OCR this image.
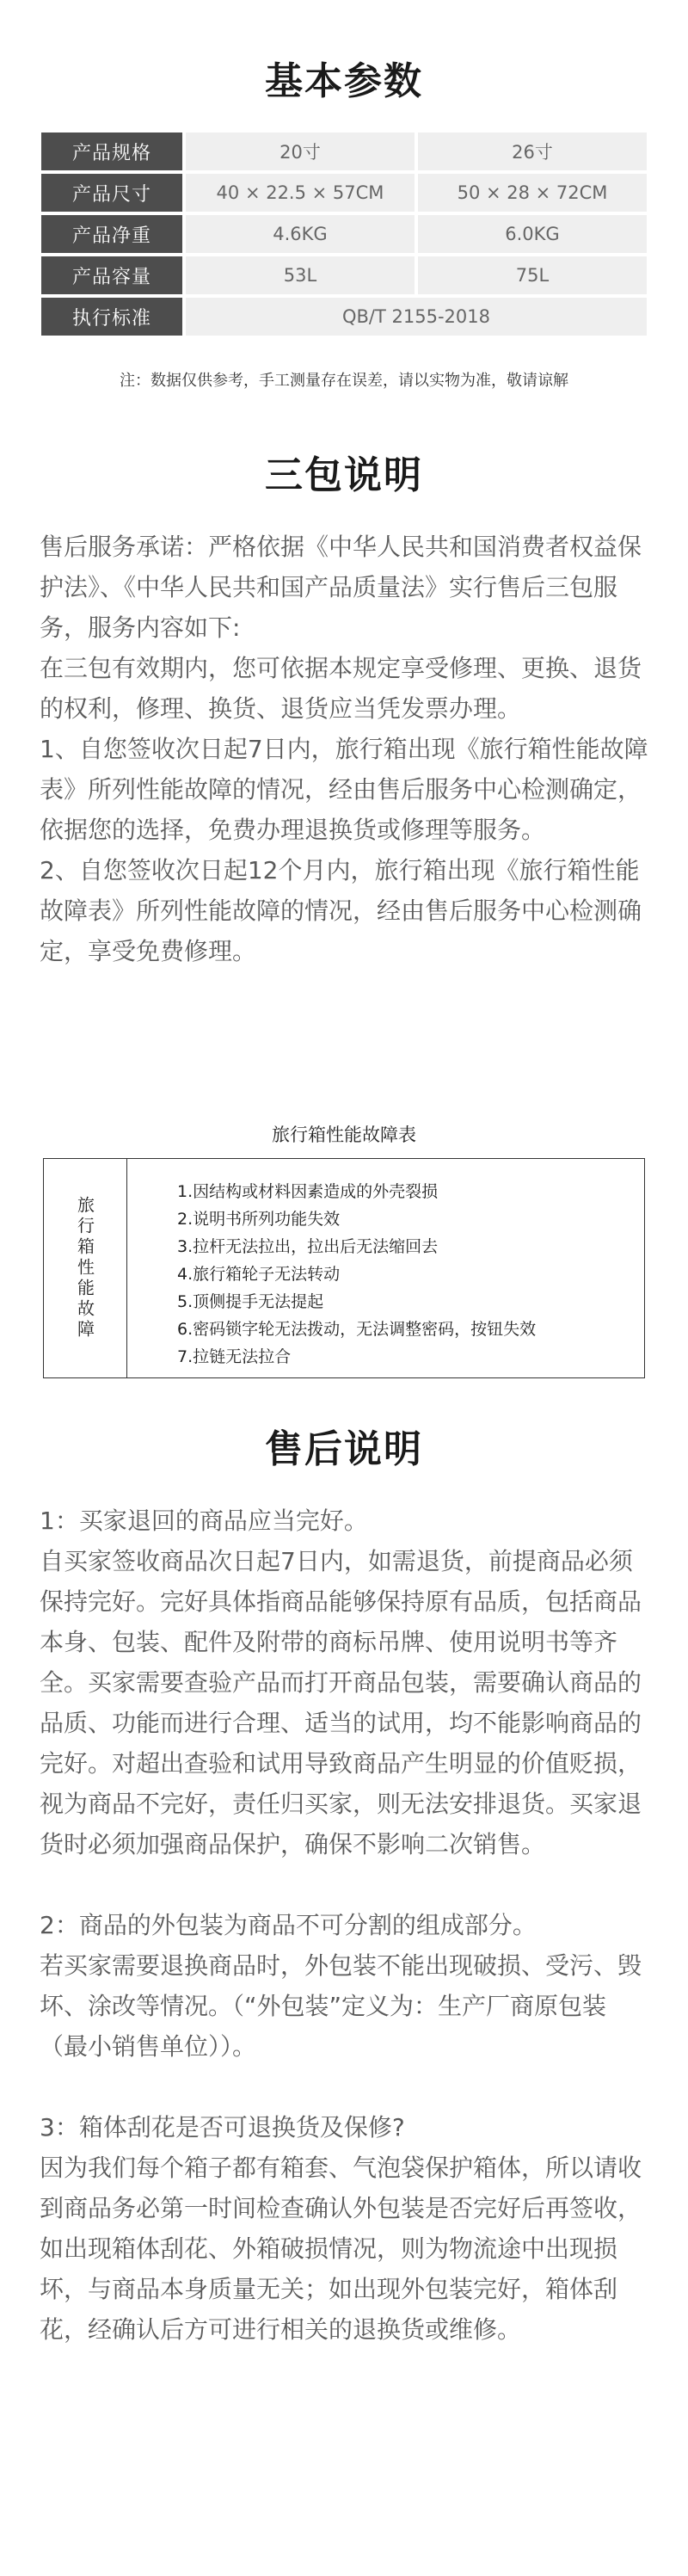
基本参数
产品规格	20寸	26寸
产品尺寸	40 × 22.5 × 57CM	50 × 28 × 72CM
产品净重	4.6KG	6.0KG
产品容量	53L	75L
执行标准	QB/T 2155-2018
注：数据仅供参考，手工测量存在误差，请以实物为准，敬请谅解
三包说明

售后服务承诺：严格依据《中华人民共和国消费者权益保护法》、《中华人民共和国产品质量法》实行售后三包服务，服务内容如下:

在三包有效期内，您可依据本规定享受修理、更换、退货的权利，修理、换货、退货应当凭发票办理。

1、自您签收次日起7日内，旅行箱出现《旅行箱性能故障表》所列性能故障的情况，经由售后服务中心检测确定，依据您的选择，免费办理退换货或修理等服务。

2、自您签收次日起12个月内，旅行箱出现《旅行箱性能故障表》所列性能故障的情况，经由售后服务中心检测确定，享受免费修理。

旅行箱性能故障表
旅行箱性能故障
1.因结构或材料因素造成的外壳裂损
2.说明书所列功能失效
3.拉杆无法拉出，拉出后无法缩回去
4.旅行箱轮子无法转动
5.顶侧提手无法提起
6.密码锁字轮无法拨动，无法调整密码，按钮失效
7.拉链无法拉合
售后说明

1：买家退回的商品应当完好。

自买家签收商品次日起7日内，如需退货，前提商品必须保持完好。完好具体指商品能够保持原有品质，包括商品本身、包装、配件及附带的商标吊牌、使用说明书等齐全。买家需要查验产品而打开商品包装，需要确认商品的品质、功能而进行合理、适当的试用，均不能影响商品的完好。对超出查验和试用导致商品产生明显的价值贬损，视为商品不完好，责任归买家，则无法安排退货。买家退货时必须加强商品保护，确保不影响二次销售。

2：商品的外包装为商品不可分割的组成部分。

若买家需要退换商品时，外包装不能出现破损、受污、毁坏、涂改等情况。（“外包装”定义为：生产厂商原包装（最小销售单位））。

3：箱体刮花是否可退换货及保修?

因为我们每个箱子都有箱套、气泡袋保护箱体，所以请收到商品务必第一时间检查确认外包装是否完好后再签收，如出现箱体刮花、外箱破损情况，则为物流途中出现损坏，与商品本身质量无关；如出现外包装完好，箱体刮花，经确认后方可进行相关的退换货或维修。
